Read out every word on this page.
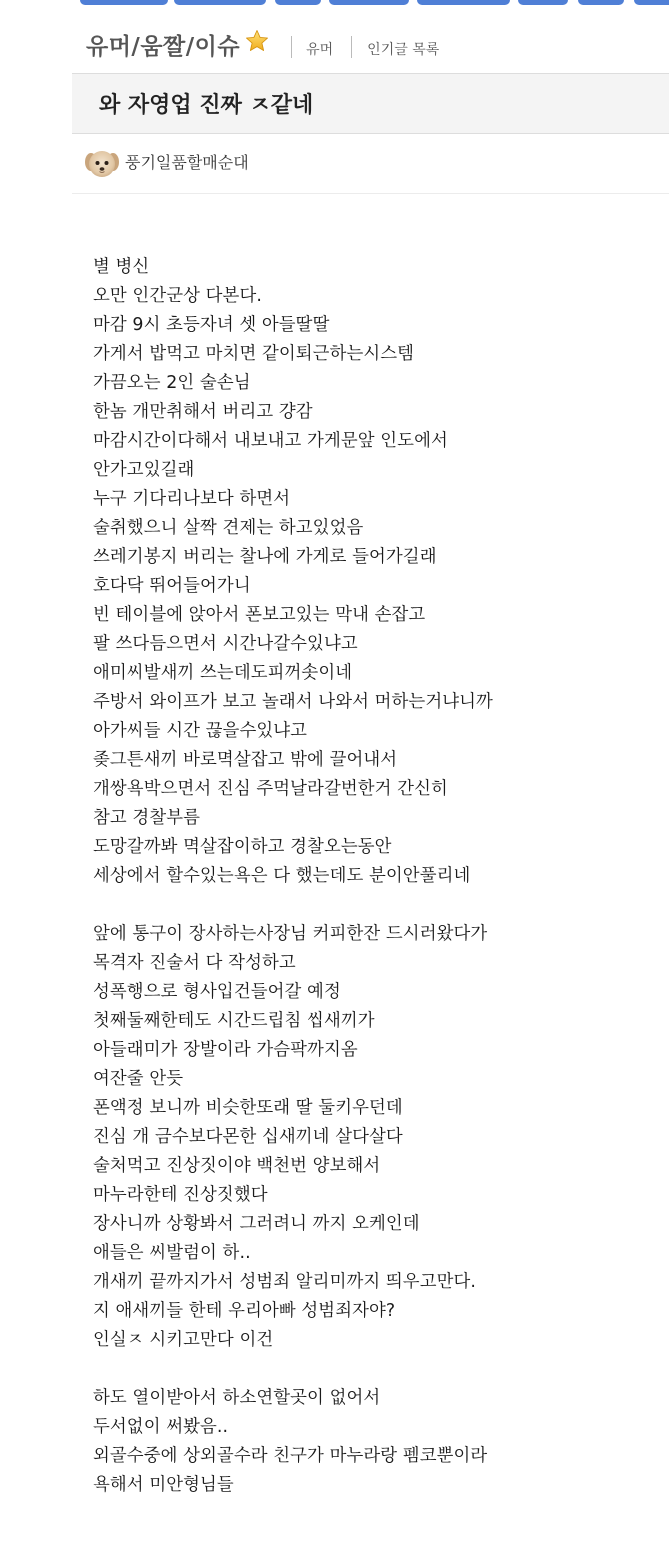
유머/움짤/이슈	유머 인기글 목록
와 자영업 진짜 ㅈ같네
풍기일품할매순대
별 병신
오만 인간군상 다본다.
마감 9시 초등자녀 셋 아들딸딸
가게서 밥먹고 마치면 같이퇴근하는시스템
가끔오는 2인 술손님
한놈 개만취해서 버리고 걍감
마감시간이다해서 내보내고 가게문앞 인도에서
안가고있길래
누구 기다리나보다 하면서
술취했으니 살짝 견제는 하고있었음
쓰레기봉지 버리는 찰나에 가게로 들어가길래
호다닥 뛰어들어가니
빈 테이블에 앉아서 폰보고있는 막내 손잡고
팔 쓰다듬으면서 시간나갈수있냐고
애미씨발새끼 쓰는데도피꺼솟이네
주방서 와이프가 보고 놀래서 나와서 머하는거냐니까
아가씨들 시간 끊을수있냐고
좆그튼새끼 바로멱살잡고 밖에 끌어내서
개쌍욕박으면서 진심 주먹날라갈번한거 간신히
참고 경찰부름
도망갈까봐 멱살잡이하고 경찰오는동안
세상에서 할수있는욕은 다 했는데도 분이안풀리네
앞에 통구이 장사하는사장님 커피한잔 드시러왔다가
목격자 진술서 다 작성하고
성폭행으로 형사입건들어갈 예정
첫째둘째한테도 시간드립침 씹새끼가
아들래미가 장발이라 가슴팍까지옴
여잔줄 안듯
폰액정 보니까 비슷한또래 딸 둘키우던데
진심 개 금수보다몬한 십새끼네 살다살다
술처먹고 진상짓이야 백천번 양보해서
마누라한테 진상짓했다
장사니까 상황봐서 그러려니 까지 오케인데
애들은 씨발럼이 하..
개새끼 끝까지가서 성범죄 알리미까지 띄우고만다.
지 애새끼들 한테 우리아빠 성범죄자야?
인실ㅈ 시키고만다 이건
하도 열이받아서 하소연할곳이 없어서
두서없이 써봤음..
외골수중에 상외골수라 친구가 마누라랑 펨코뿐이라
욕해서 미안형님들
